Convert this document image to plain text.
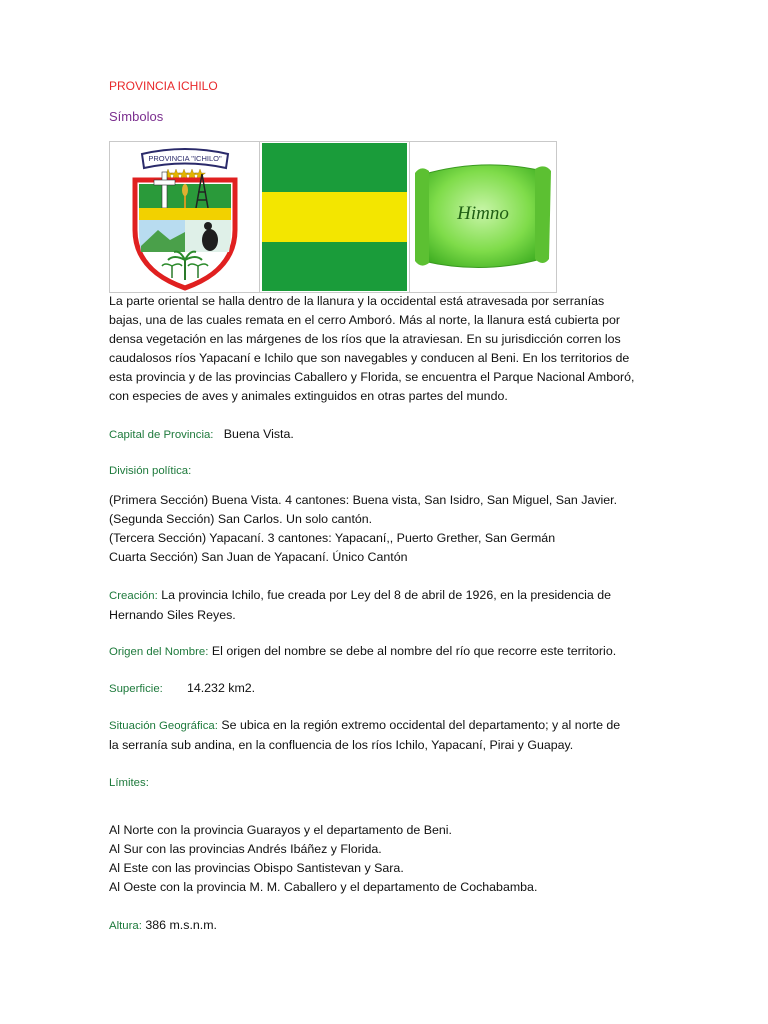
PROVINCIA ICHILO
Símbolos
PROVINCIA "ICHILO"
Himno
La parte oriental se halla dentro de la llanura y la occidental está atravesada por serranías
bajas, una de las cuales remata en el cerro Amboró. Más al norte, la llanura está cubierta por
densa vegetación en las márgenes de los ríos que la atraviesan. En su jurisdicción corren los
caudalosos ríos Yapacaní e Ichilo que son navegables y conducen al Beni. En los territorios de
esta provincia y de las provincias Caballero y Florida, se encuentra el Parque Nacional Amboró,
con especies de aves y animales extinguidos en otras partes del mundo.
Capital de Provincia: Buena Vista.
División política:
(Primera Sección) Buena Vista. 4 cantones: Buena vista, San Isidro, San Miguel, San Javier.
(Segunda Sección) San Carlos. Un solo cantón.
(Tercera Sección) Yapacaní. 3 cantones: Yapacaní,, Puerto Grether, San Germán
Cuarta Sección) San Juan de Yapacaní. Único Cantón
Creación: La provincia Ichilo, fue creada por Ley del 8 de abril de 1926, en la presidencia de
Hernando Siles Reyes.
Origen del Nombre: El origen del nombre se debe al nombre del río que recorre este territorio.
Superficie: 14.232 km2.
Situación Geográfica: Se ubica en la región extremo occidental del departamento; y al norte de
la serranía sub andina, en la confluencia de los ríos Ichilo, Yapacaní, Pirai y Guapay.
Límites:
Al Norte con la provincia Guarayos y el departamento de Beni.
Al Sur con las provincias Andrés Ibáñez y Florida.
Al Este con las provincias Obispo Santistevan y Sara.
Al Oeste con la provincia M. M. Caballero y el departamento de Cochabamba.
Altura: 386 m.s.n.m.
